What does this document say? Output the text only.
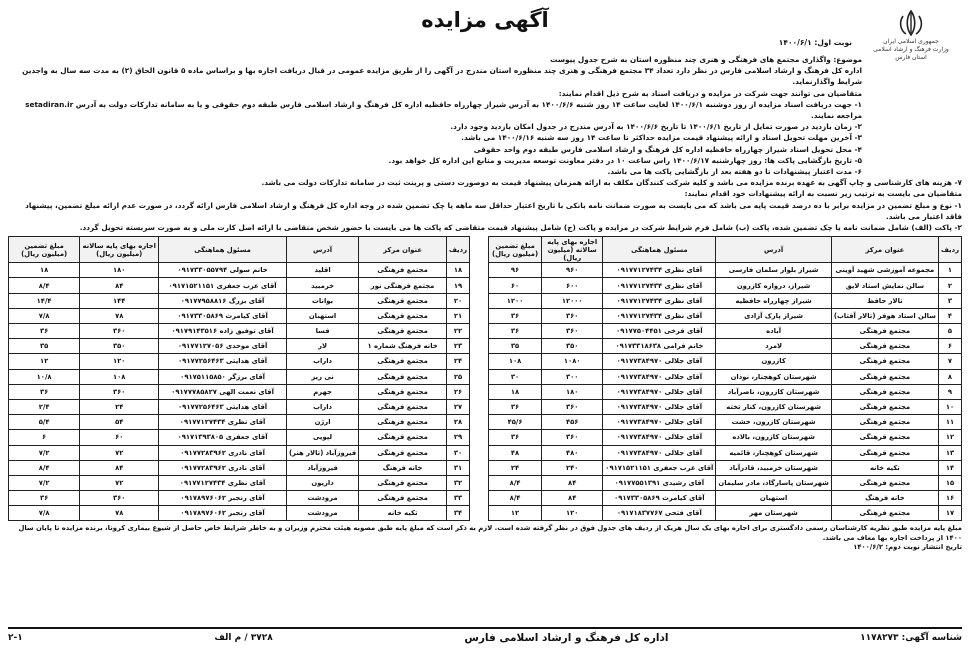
جمهوری اسلامی ایران
وزارت فرهنگ و ارشاد اسلامی
استان فارس
آگهی مزایده
نوبت اول: ۱۴۰۰/۶/۱
موضوع: واگذاری مجتمع های فرهنگی و هنری چند منظوره استان به شرح جدول پیوست
اداره کل فرهنگ و ارشاد اسلامی فارس در نظر دارد تعداد ۳۴ مجتمع فرهنگی و هنری چند منظوره استان مندرج در آگهی را از طریق مزایده عمومی در قبال دریافت اجاره بها و براساس ماده ۵ قانون الحاق (۲) به مدت سه سال به واجدین شرایط واگذارنماید.
متقاضیان می توانند جهت شرکت در مزایده و دریافت اسناد به شرح ذیل اقدام نمایند:
۱- جهت دریافت اسناد مزایده از روز دوشنبه ۱۴۰۰/۶/۱ لغایت ساعت ۱۴ روز شنبه ۱۴۰۰/۶/۶ به آدرس شیراز چهارراه حافظیه اداره کل فرهنگ و ارشاد اسلامی فارس طبقه دوم حقوقی و یا به سامانه تدارکات دولت به آدرس setadiran.ir مراجعه نمایند.
۲- زمان بازدید در صورت تمایل از تاریخ ۱۴۰۰/۶/۱ تا تاریخ ۱۴۰۰/۶/۶ به آدرس مندرج در جدول امکان بازدید وجود دارد.
۳- آخرین مهلت تحویل اسناد و ارائه پیشنهاد قیمت مزایده حداکثر تا ساعت ۱۴ روز سه شنبه ۱۴۰۰/۶/۱۶ می باشد.
۴- محل تحویل اسناد شیراز چهارراه حافظیه اداره کل فرهنگ و ارشاد اسلامی فارس طبقه دوم واحد حقوقی
۵- تاریخ بازگشایی پاکت ها: روز چهارشنبه ۱۴۰۰/۶/۱۷ راس ساعت ۱۰ در دفتر معاونت توسعه مدیریت و منابع این اداره کل خواهد بود.
۶- مدت اعتبار پیشنهادات تا دو هفته بعد از بازگشایی پاکت ها می باشد.
۷- هزینه های کارشناسی و چاپ آگهی به عهده برنده مزایده می باشد و کلیه شرکت کنندگان مکلف به ارائه همزمان پیشنهاد قیمت به دوصورت دستی و پرینت ثبت در سامانه تدارکات دولت می باشد.
متقاضیان می بایست به ترتیب زیر نسبت به ارائه پیشنهادات خود اقدام نمایند:
۱- نوع و مبلغ تضمین در مزایده برابر با ده درصد قیمت پایه می باشد که می بایست به صورت ضمانت نامه بانکی با تاریخ اعتبار حداقل سه ماهه یا چک تضمین شده در وجه اداره کل فرهنگ و ارشاد اسلامی فارس ارائه گردد، در صورت عدم ارائه مبلغ تضمین، پیشنهاد فاقد اعتبار می باشد.
۲- پاکت (الف) شامل ضمانت نامه یا چک تضمین شده، پاکت (ب) شامل فرم شرایط شرکت در مزایده و پاکت (ج) شامل پیشنهاد قیمت متقاضی که پاکت ها می بایست با حضور شخص متقاضی با ارائه اصل کارت ملی و به صورت سربسته تحویل گردد.
ردیف	عنوان مرکز	آدرس	مسئول هماهنگی	اجاره بهای پایه سالانه (میلیون ریال)	مبلغ تضمین (میلیون ریال)
۱	مجموعه آموزشی شهید آوینی	شیراز بلوار سلمان فارسی	آقای نظری ۰۹۱۷۷۱۲۷۴۳۴	۹۶۰	۹۶
۲	سالن نمایش استاد لایق	شیراز، دروازه کازرون	آقای نظری ۰۹۱۷۷۱۲۷۴۳۴	۶۰۰	۶۰
۳	تالار حافظ	شیراز چهارراه حافظیه	آقای نظری ۰۹۱۷۷۱۲۷۴۳۴	۱۲۰۰۰	۱۲۰۰
۴	سالن استاد هوفر (تالار آفتاب)	شیراز پارک آزادی	آقای نظری ۰۹۱۷۷۱۲۷۴۳۴	۳۶۰	۳۶
۵	مجتمع فرهنگی	آباده	آقای فرخی ۰۹۱۷۷۵۰۴۴۵۱	۳۶۰	۳۶
۶	مجتمع فرهنگی	لامرد	خانم فرامی ۰۹۱۷۳۳۱۸۶۳۸	۳۵۰	۳۵
۷	مجتمع فرهنگی	کازرون	آقای جلالی ۰۹۱۷۷۳۸۴۹۷۰	۱۰۸۰	۱۰۸
۸	مجتمع فرهنگی	شهرستان کوهچنار، نودان	آقای جلالی ۰۹۱۷۷۳۸۴۹۷۰	۳۰۰	۳۰
۹	مجتمع فرهنگی	شهرستان کازرون، ناصرآباد	آقای جلالی ۰۹۱۷۷۳۸۴۹۷۰	۱۸۰	۱۸
۱۰	مجتمع فرهنگی	شهرستان کازرون، کنار تخته	آقای جلالی ۰۹۱۷۷۳۸۴۹۷۰	۳۶۰	۳۶
۱۱	مجتمع فرهنگی	شهرستان کازرون، خشت	آقای جلالی ۰۹۱۷۷۳۸۴۹۷۰	۴۵۶	۴۵/۶
۱۲	مجتمع فرهنگی	شهرستان کازرون، بالاده	آقای جلالی ۰۹۱۷۷۳۸۴۹۷۰	۳۶۰	۳۶
۱۳	مجتمع فرهنگی	شهرستان کوهچنار، قائمیه	آقای جلالی ۰۹۱۷۷۳۸۴۹۷۰	۴۸۰	۴۸
۱۴	تکیه خانه	شهرستان خرمبید، قادرآباد	آقای عرب جعفری ۰۹۱۷۱۵۲۱۱۵۱	۲۴۰	۲۴
۱۵	مجتمع فرهنگی	شهرستان پاسارگاد، مادر سلیمان	آقای رشیدی ۰۹۱۷۷۵۵۱۳۹۱	۸۴	۸/۴
۱۶	خانه فرهنگ	استهبان	آقای کیامرث ۰۹۱۷۳۳۰۵۸۶۹	۸۴	۸/۴
۱۷	مجتمع فرهنگی	شهرستان مهر	آقای فتحی ۰۹۱۷۱۸۳۷۷۶۷	۱۲۰	۱۲
ردیف	عنوان مرکز	آدرس	مسئول هماهنگی	اجاره بهای پایه سالانه (میلیون ریال)	مبلغ تضمین (میلیون ریال)
۱۸	مجتمع فرهنگی	اقلید	خانم سولی ۰۹۱۷۳۳۰۵۵۷۹۴	۱۸۰	۱۸
۱۹	مجتمع فرهنگی نور	خرمبید	آقای عرب جعفری ۰۹۱۷۱۵۲۱۱۵۱	۸۴	۸/۴
۲۰	مجتمع فرهنگی	بوانات	آقای بزرگ ۰۹۱۷۷۹۵۸۸۱۶	۱۴۴	۱۴/۴
۲۱	مجتمع فرهنگی	استهبان	آقای کیامرث ۰۹۱۷۳۳۰۵۸۶۹	۷۸	۷/۸
۲۲	مجتمع فرهنگی	فسا	آقای توفیق زاده ۰۹۱۷۹۱۴۳۵۱۶	۳۶۰	۳۶
۲۳	خانه فرهنگ شماره ۱	لار	آقای موحدی ۰۹۱۷۷۱۲۷۰۵۶	۳۵۰	۳۵
۲۴	مجتمع فرهنگی	داراب	آقای هدایتی ۰۹۱۷۷۲۵۶۴۶۳	۱۲۰	۱۲
۲۵	مجتمع فرهنگی	نی ریز	آقای برزگر ۰۹۱۷۵۱۱۵۸۵۰	۱۰۸	۱۰/۸
۲۶	مجتمع فرهنگی	جهرم	آقای نعمت الهی ۰۹۱۷۷۷۸۵۸۲۷	۳۶۰	۳۶
۲۷	مجتمع فرهنگی	داراب	آقای هدایتی ۰۹۱۷۷۲۵۶۴۶۳	۲۴	۲/۴
۲۸	مجتمع فرهنگی	ارژن	آقای نظری ۰۹۱۷۷۱۲۷۴۳۴	۵۴	۵/۴
۲۹	مجتمع فرهنگی	لپویی	آقای جعفری ۰۹۱۷۱۳۹۳۸۰۵	۶۰	۶
۳۰	مجتمع فرهنگی	فیروزآباد (تالار هنر)	آقای نادری ۰۹۱۷۷۲۸۳۹۶۲	۷۲	۷/۲
۳۱	خانه فرهنگ	فیروزآباد	آقای نادری ۰۹۱۷۷۲۸۳۹۶۲	۸۴	۸/۴
۳۲	مجتمع فرهنگی	داریون	آقای نظری ۰۹۱۷۷۱۲۷۴۳۴	۷۲	۷/۲
۳۳	مجتمع فرهنگی	مرودشت	آقای رنجبر ۰۹۱۷۸۹۷۶۰۶۲	۳۶۰	۳۶
۳۴	تکیه خانه	مرودشت	آقای رنجبر ۰۹۱۷۸۹۷۶۰۶۲	۷۸	۷/۸
مبلغ پایه مزایده طبق نظریه کارشناسان رسمی دادگستری برای اجاره بهای یک سال هریک از ردیف های جدول فوق در نظر گرفته شده است. لازم به ذکر است که مبلغ پایه طبق مصوبه هیئت محترم وزیران و به خاطر شرایط خاص حاصل از شیوع بیماری کرونا، برنده مزایده تا پایان سال ۱۴۰۰ از پرداخت اجاره بها معاف می باشد.
تاریخ انتشار نوبت دوم: ۱۴۰۰/۶/۲
شناسه آگهی: ۱۱۷۸۲۷۳
اداره کل فرهنگ و ارشاد اسلامی فارس
۳۷۲۸ / م الف
۲-۱
